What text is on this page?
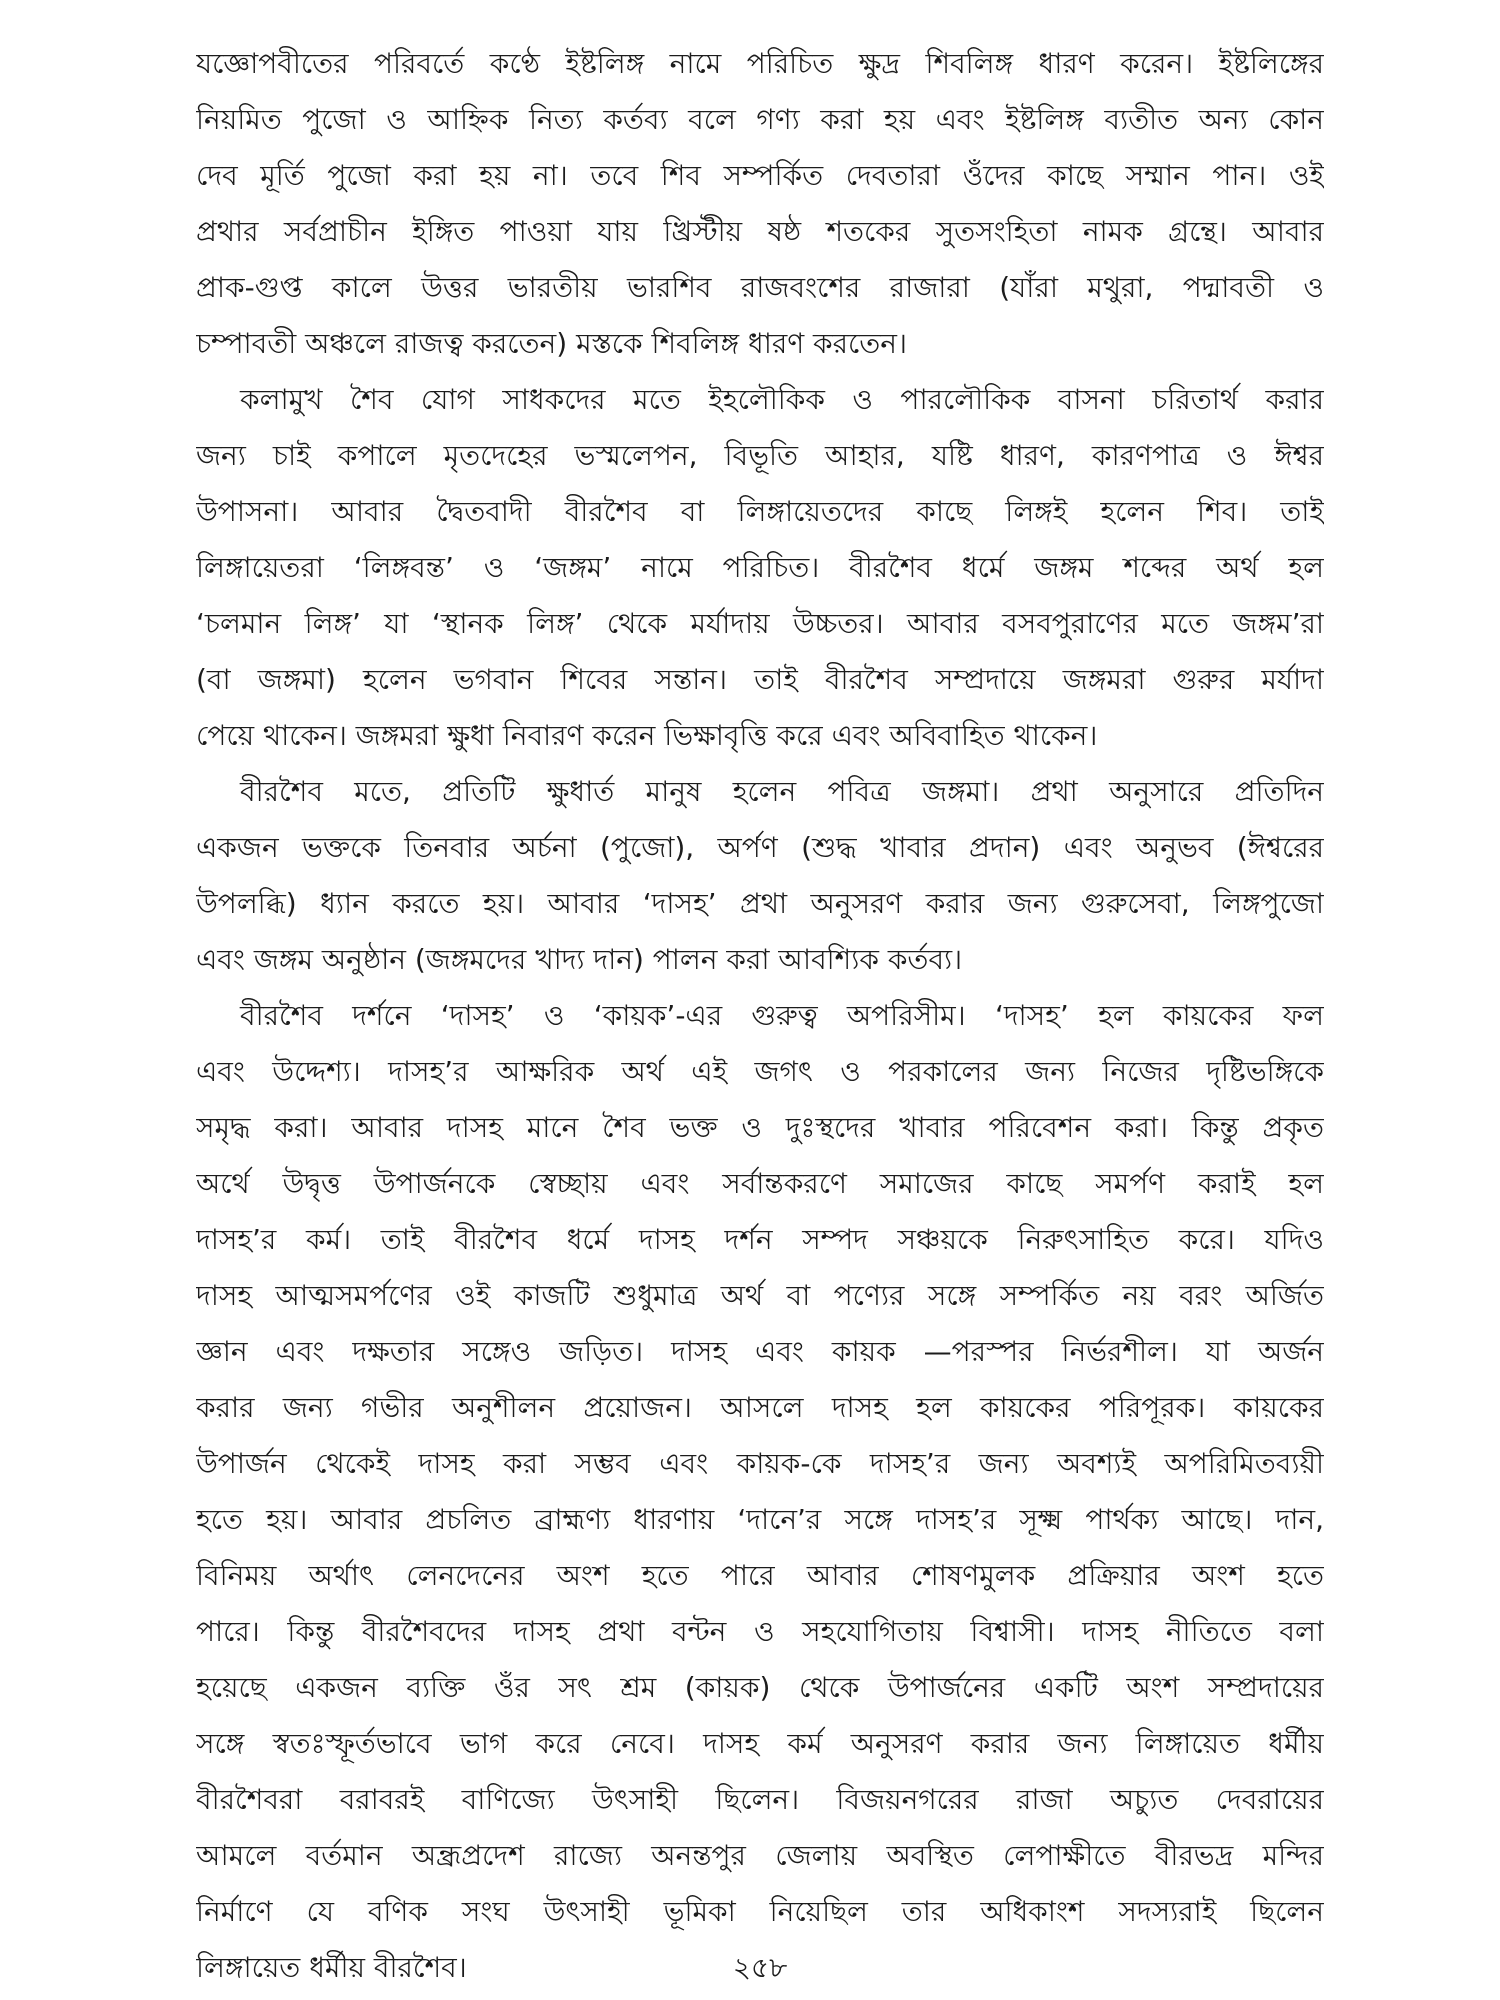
যজ্ঞোপবীতের পরিবর্তে কণ্ঠে ইষ্টলিঙ্গ নামে পরিচিত ক্ষুদ্র শিবলিঙ্গ ধারণ করেন। ইষ্টলিঙ্গের
নিয়মিত পুজো ও আহ্নিক নিত্য কর্তব্য বলে গণ্য করা হয় এবং ইষ্টলিঙ্গ ব্যতীত অন্য কোন
দেব মূর্তি পুজো করা হয় না। তবে শিব সম্পর্কিত দেবতারা ওঁদের কাছে সম্মান পান। ওই
প্রথার সর্বপ্রাচীন ইঙ্গিত পাওয়া যায় খ্রিস্টীয় ষষ্ঠ শতকের সুতসংহিতা নামক গ্রন্থে। আবার
প্রাক-গুপ্ত কালে উত্তর ভারতীয় ভারশিব রাজবংশের রাজারা (যাঁরা মথুরা, পদ্মাবতী ও
চম্পাবতী অঞ্চলে রাজত্ব করতেন) মস্তকে শিবলিঙ্গ ধারণ করতেন।
কলামুখ শৈব যোগ সাধকদের মতে ইহলৌকিক ও পারলৌকিক বাসনা চরিতার্থ করার
জন্য চাই কপালে মৃতদেহের ভস্মলেপন, বিভূতি আহার, যষ্টি ধারণ, কারণপাত্র ও ঈশ্বর
উপাসনা। আবার দ্বৈতবাদী বীরশৈব বা লিঙ্গায়েতদের কাছে লিঙ্গই হলেন শিব। তাই
লিঙ্গায়েতরা ‘লিঙ্গবন্ত’ ও ‘জঙ্গম’ নামে পরিচিত। বীরশৈব ধর্মে জঙ্গম শব্দের অর্থ হল
‘চলমান লিঙ্গ’ যা ‘স্থানক লিঙ্গ’ থেকে মর্যাদায় উচ্চতর। আবার বসবপুরাণের মতে জঙ্গম’রা
(বা জঙ্গমা) হলেন ভগবান শিবের সন্তান। তাই বীরশৈব সম্প্রদায়ে জঙ্গমরা গুরুর মর্যাদা
পেয়ে থাকেন। জঙ্গমরা ক্ষুধা নিবারণ করেন ভিক্ষাবৃত্তি করে এবং অবিবাহিত থাকেন।
বীরশৈব মতে, প্রতিটি ক্ষুধার্ত মানুষ হলেন পবিত্র জঙ্গমা। প্রথা অনুসারে প্রতিদিন
একজন ভক্তকে তিনবার অর্চনা (পুজো), অর্পণ (শুদ্ধ খাবার প্রদান) এবং অনুভব (ঈশ্বরের
উপলব্ধি) ধ্যান করতে হয়। আবার ‘দাসহ’ প্রথা অনুসরণ করার জন্য গুরুসেবা, লিঙ্গপুজো
এবং জঙ্গম অনুষ্ঠান (জঙ্গমদের খাদ্য দান) পালন করা আবশ্যিক কর্তব্য।
বীরশৈব দর্শনে ‘দাসহ’ ও ‘কায়ক’-এর গুরুত্ব অপরিসীম। ‘দাসহ’ হল কায়কের ফল
এবং উদ্দেশ্য। দাসহ’র আক্ষরিক অর্থ এই জগৎ ও পরকালের জন্য নিজের দৃষ্টিভঙ্গিকে
সমৃদ্ধ করা। আবার দাসহ মানে শৈব ভক্ত ও দুঃস্থদের খাবার পরিবেশন করা। কিন্তু প্রকৃত
অর্থে উদ্বৃত্ত উপার্জনকে স্বেচ্ছায় এবং সর্বান্তকরণে সমাজের কাছে সমর্পণ করাই হল
দাসহ’র কর্ম। তাই বীরশৈব ধর্মে দাসহ দর্শন সম্পদ সঞ্চয়কে নিরুৎসাহিত করে। যদিও
দাসহ আত্মসমর্পণের ওই কাজটি শুধুমাত্র অর্থ বা পণ্যের সঙ্গে সম্পর্কিত নয় বরং অর্জিত
জ্ঞান এবং দক্ষতার সঙ্গেও জড়িত। দাসহ এবং কায়ক —পরস্পর নির্ভরশীল। যা অর্জন
করার জন্য গভীর অনুশীলন প্রয়োজন। আসলে দাসহ হল কায়কের পরিপূরক। কায়কের
উপার্জন থেকেই দাসহ করা সম্ভব এবং কায়ক-কে দাসহ’র জন্য অবশ্যই অপরিমিতব্যয়ী
হতে হয়। আবার প্রচলিত ব্রাহ্মণ্য ধারণায় ‘দানে’র সঙ্গে দাসহ’র সূক্ষ্ম পার্থক্য আছে। দান,
বিনিময় অর্থাৎ লেনদেনের অংশ হতে পারে আবার শোষণমুলক প্রক্রিয়ার অংশ হতে
পারে। কিন্তু বীরশৈবদের দাসহ প্রথা বন্টন ও সহযোগিতায় বিশ্বাসী। দাসহ নীতিতে বলা
হয়েছে একজন ব্যক্তি ওঁর সৎ শ্রম (কায়ক) থেকে উপার্জনের একটি অংশ সম্প্রদায়ের
সঙ্গে স্বতঃস্ফূর্তভাবে ভাগ করে নেবে। দাসহ কর্ম অনুসরণ করার জন্য লিঙ্গায়েত ধর্মীয়
বীরশৈবরা বরাবরই বাণিজ্যে উৎসাহী ছিলেন। বিজয়নগরের রাজা অচ্যুত দেবরায়ের
আমলে বর্তমান অন্ধ্রপ্রদেশ রাজ্যে অনন্তপুর জেলায় অবস্থিত লেপাক্ষীতে বীরভদ্র মন্দির
নির্মাণে যে বণিক সংঘ উৎসাহী ভূমিকা নিয়েছিল তার অধিকাংশ সদস্যরাই ছিলেন
লিঙ্গায়েত ধর্মীয় বীরশৈব।	২৫৮
